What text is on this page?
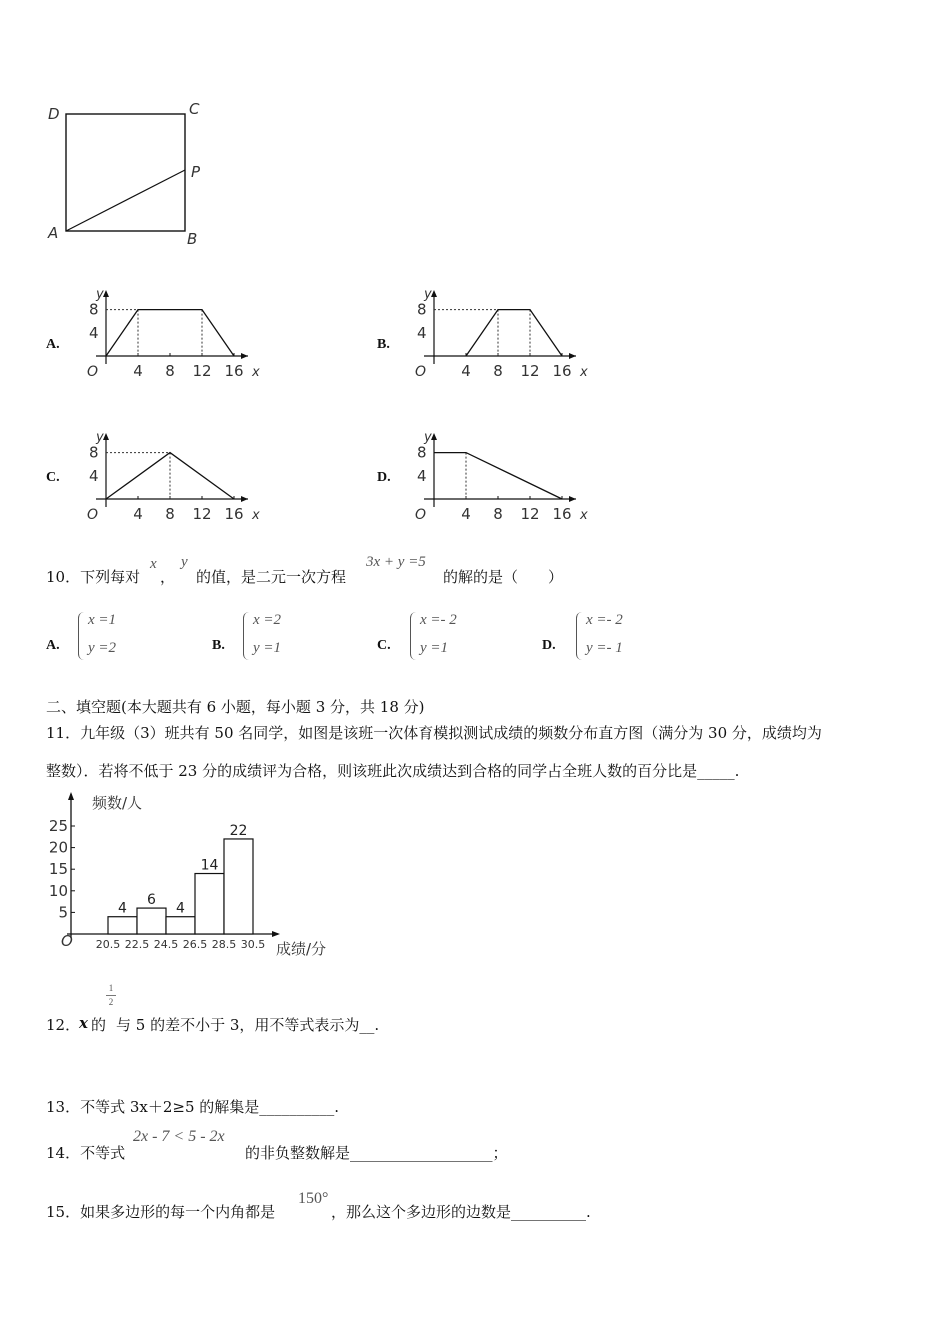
D	C
P
A	B
A.	B.
C.	D.
y
x
O
8
4
4 8 12 16
y
x
O
8
4
4 8 12 16
y
x
O
8
4
4 8 12 16
y
x
O
8
4
4 8 12 16
10．下列每对
x
，
y
的值，是二元一次方程
3x + y =5
的解的是（　　）
A.
x =1
y =2	B.
x =2
y =1	C.
x =- 2
y =1	D.
x =- 2
y =- 1
二、填空题(本大题共有 6 小题，每小题 3 分，共 18 分)
11．九年级（3）班共有 50 名同学，如图是该班一次体育模拟测试成绩的频数分布直方图（满分为 30 分，成绩均为
整数）．若将不低于 23 分的成绩评为合格，则该班此次成绩达到合格的同学占全班人数的百分比是_____.
频数/人
成绩/分
O
25
20
15
10
5	4
6
4
14
22
20.5 22.5 24.5 26.5 28.5 30.5
1
2
12．
x 的 与 5 的差不小于 3，用不等式表示为__.
13．不等式 3x＋2≥5 的解集是__________.
14．不等式
2x - 7 < 5 - 2x
的非负整数解是___________________；
15．如果多边形的每一个内角都是
150°
，那么这个多边形的边数是__________.
